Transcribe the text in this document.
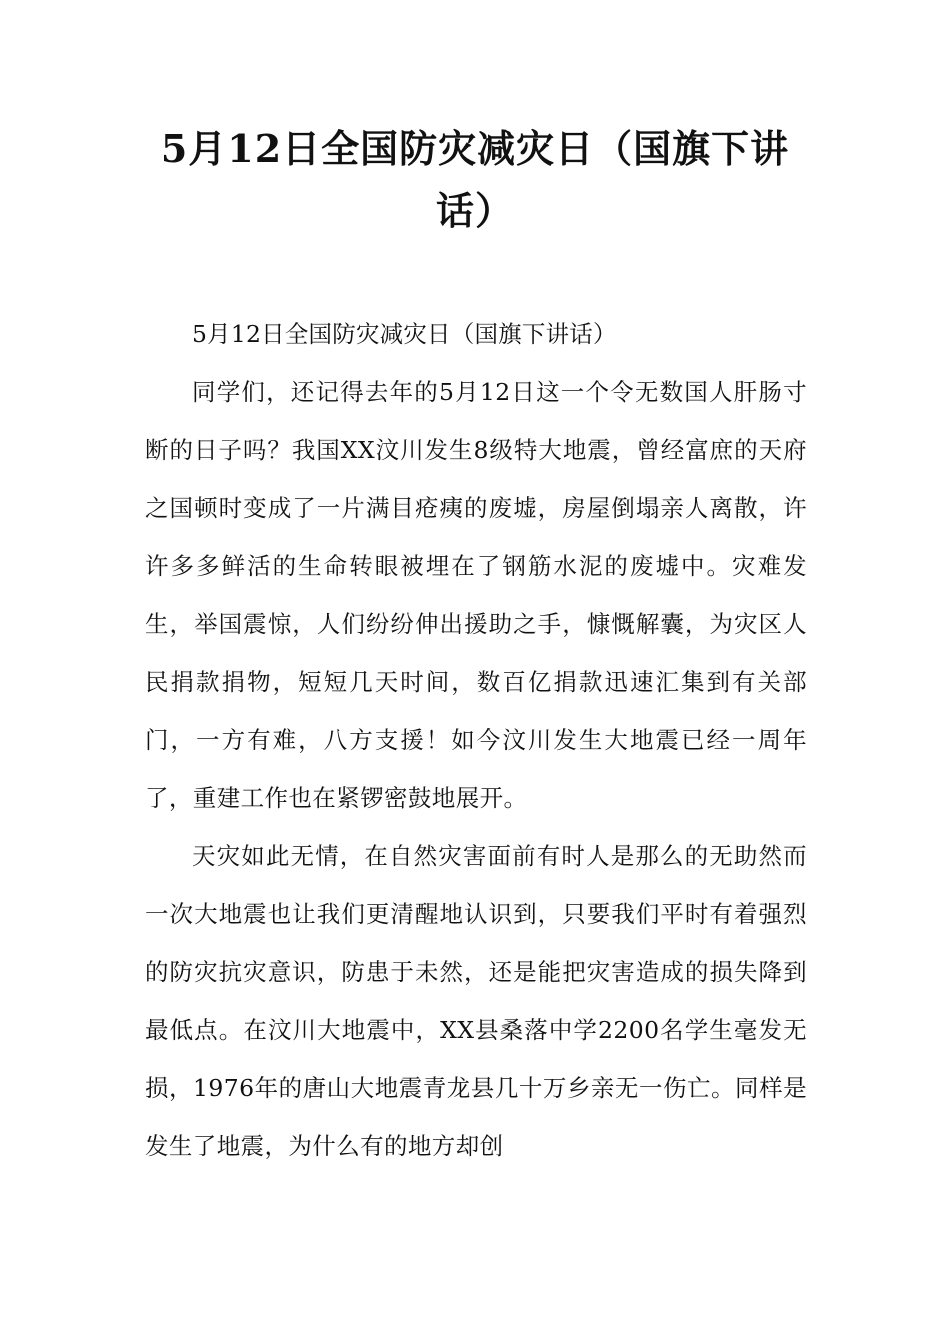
5月12日全国防灾减灾日（国旗下讲话）

5月12日全国防灾减灾日（国旗下讲话）

同学们，还记得去年的5月12日这一个令无数国人肝肠寸断的日子吗？我国XX汶川发生8级特大地震，曾经富庶的天府之国顿时变成了一片满目疮痍的废墟，房屋倒塌亲人离散，许许多多鲜活的生命转眼被埋在了钢筋水泥的废墟中。灾难发生，举国震惊，人们纷纷伸出援助之手，慷慨解囊，为灾区人民捐款捐物，短短几天时间，数百亿捐款迅速汇集到有关部门，一方有难，八方支援！如今汶川发生大地震已经一周年了，重建工作也在紧锣密鼓地展开。

天灾如此无情，在自然灾害面前有时人是那么的无助然而一次大地震也让我们更清醒地认识到，只要我们平时有着强烈的防灾抗灾意识，防患于未然，还是能把灾害造成的损失降到最低点。在汶川大地震中，XX县桑落中学2200名学生毫发无损，1976年的唐山大地震青龙县几十万乡亲无一伤亡。同样是发生了地震，为什么有的地方却创
